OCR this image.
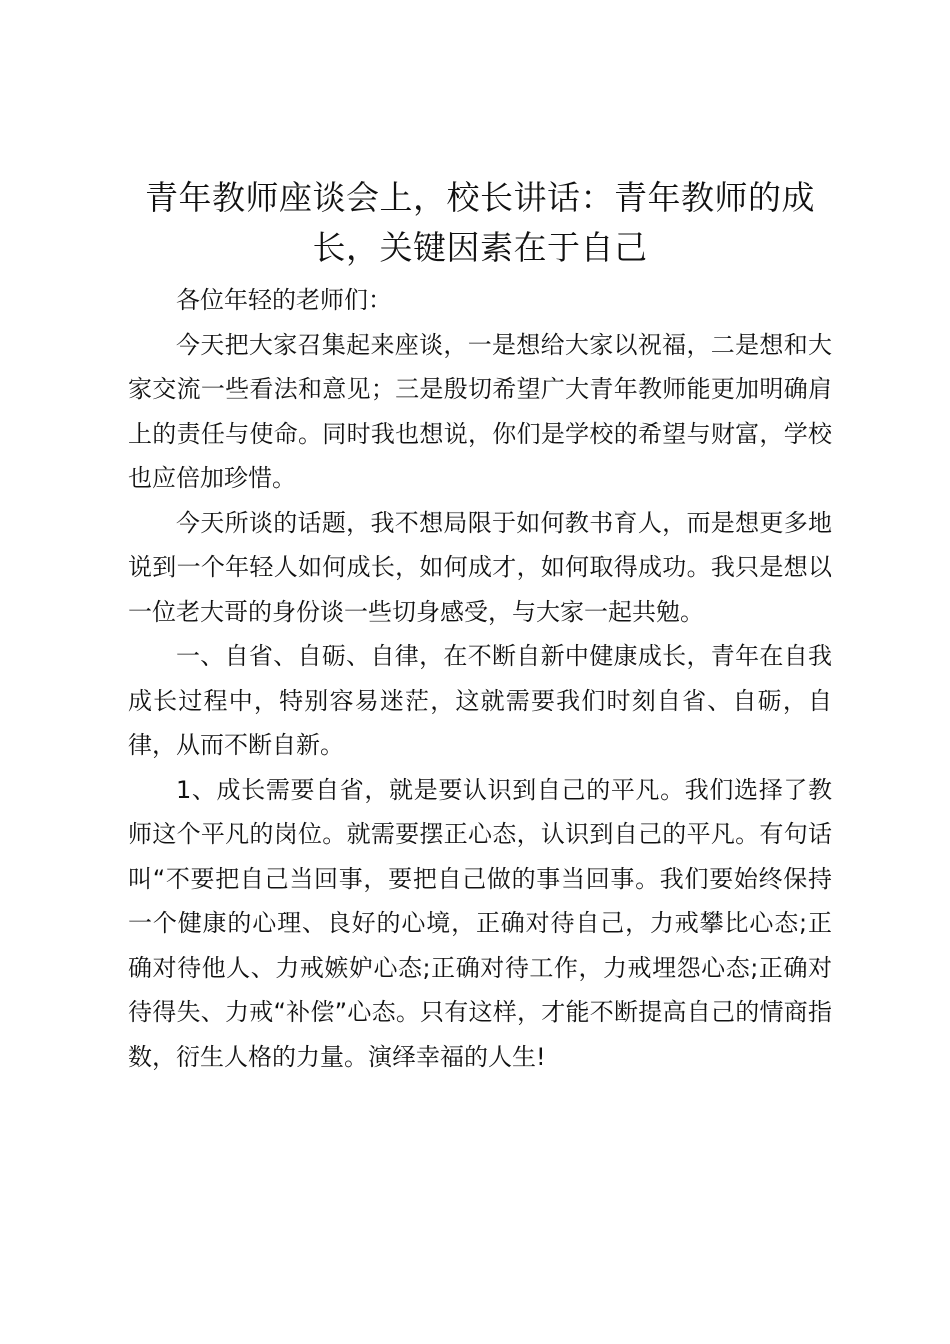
青年教师座谈会上，校长讲话：青年教师的成长，关键因素在于自己

各位年轻的老师们：

今天把大家召集起来座谈，一是想给大家以祝福，二是想和大家交流一些看法和意见；三是殷切希望广大青年教师能更加明确肩上的责任与使命。同时我也想说，你们是学校的希望与财富，学校也应倍加珍惜。

今天所谈的话题，我不想局限于如何教书育人，而是想更多地说到一个年轻人如何成长，如何成才，如何取得成功。我只是想以一位老大哥的身份谈一些切身感受，与大家一起共勉。

一、自省、自砺、自律，在不断自新中健康成长，青年在自我成长过程中，特别容易迷茫，这就需要我们时刻自省、自砺，自律，从而不断自新。

1、成长需要自省，就是要认识到自己的平凡。我们选择了教师这个平凡的岗位。就需要摆正心态，认识到自己的平凡。有句话叫“不要把自己当回事，要把自己做的事当回事。我们要始终保持一个健康的心理、良好的心境，正确对待自己，力戒攀比心态;正确对待他人、力戒嫉妒心态;正确对待工作，力戒埋怨心态;正确对待得失、力戒“补偿”心态。只有这样，才能不断提高自己的情商指数，衍生人格的力量。演绎幸福的人生!
